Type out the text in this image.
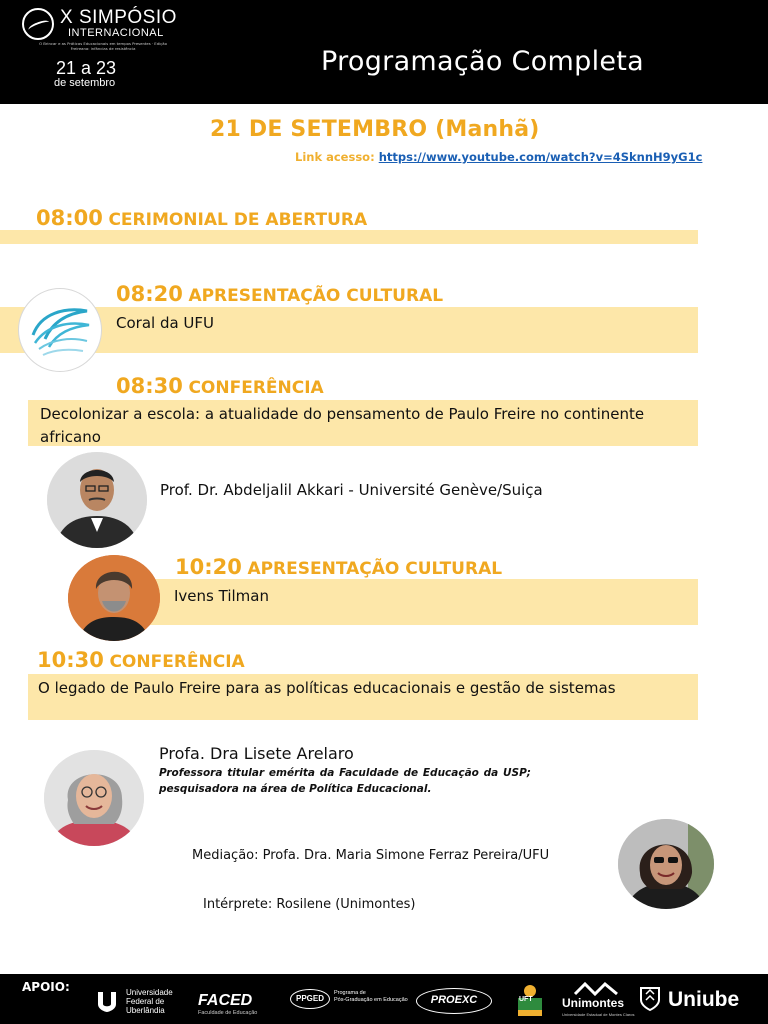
X SIMPÓSIO
INTERNACIONAL
O Brincar e as Práticas Educacionais em tempos Presentes · Edição Freireana: infâncias de resistência
21 a 23
de setembro
Programação Completa
21 DE SETEMBRO (Manhã)
Link acesso: https://www.youtube.com/watch?v=4SknnH9yG1c
08:00 CERIMONIAL DE ABERTURA
08:20 APRESENTAÇÃO CULTURAL
Coral da UFU
08:30 CONFERÊNCIA
Decolonizar a escola: a atualidade do pensamento de Paulo Freire no continente africano
Prof. Dr. Abdeljalil Akkari - Université Genève/Suiça
10:20 APRESENTAÇÃO CULTURAL
Ivens Tilman
10:30 CONFERÊNCIA
O legado de Paulo Freire para as políticas educacionais e gestão de sistemas
Profa. Dra Lisete Arelaro
Professora titular emérita da Faculdade de Educação da USP; pesquisadora na área de Política Educacional.
Mediação: Profa. Dra. Maria Simone Ferraz Pereira/UFU
Intérprete: Rosilene (Unimontes)
APOIO:	Universidade
Federal de
Uberlândia
FACED
Faculdade de Educação
PPGED
Programa de
Pós-Graduação em Educação	PROEXC	UFT Unimontes
Universidade Estadual de Montes Claros
Uniube
